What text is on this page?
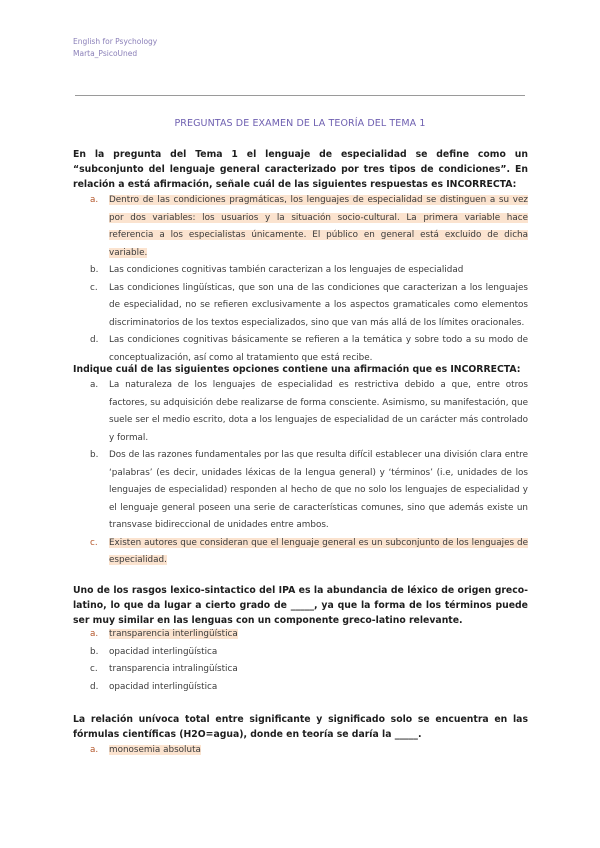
English for Psychology
Marta_PsicoUned
PREGUNTAS DE EXAMEN DE LA TEORÍA DEL TEMA 1
En la pregunta del Tema 1 el lenguaje de especialidad se define como un “subconjunto del lenguaje general caracterizado por tres tipos de condiciones”. En relación a está afirmación, señale cuál de las siguientes respuestas es INCORRECTA:
a. Dentro de las condiciones pragmáticas, los lenguajes de especialidad se distinguen a su vez por dos variables: los usuarios y la situación socio-cultural. La primera variable hace referencia a los especialistas únicamente. El público en general está excluido de dicha variable.
b. Las condiciones cognitivas también caracterizan a los lenguajes de especialidad
c. Las condiciones lingüísticas, que son una de las condiciones que caracterizan a los lenguajes de especialidad, no se refieren exclusivamente a los aspectos gramaticales como elementos discriminatorios de los textos especializados, sino que van más allá de los límites oracionales.
d. Las condiciones cognitivas básicamente se refieren a la temática y sobre todo a su modo de conceptualización, así como al tratamiento que está recibe.
Indique cuál de las siguientes opciones contiene una afirmación que es INCORRECTA:
a. La naturaleza de los lenguajes de especialidad es restrictiva debido a que, entre otros factores, su adquisición debe realizarse de forma consciente. Asimismo, su manifestación, que suele ser el medio escrito, dota a los lenguajes de especialidad de un carácter más controlado y formal.
b. Dos de las razones fundamentales por las que resulta difícil establecer una división clara entre ‘palabras’ (es decir, unidades léxicas de la lengua general) y ‘términos’ (i.e, unidades de los lenguajes de especialidad) responden al hecho de que no solo los lenguajes de especialidad y el lenguaje general poseen una serie de características comunes, sino que además existe un transvase bidireccional de unidades entre ambos.
c. Existen autores que consideran que el lenguaje general es un subconjunto de los lenguajes de especialidad.
Uno de los rasgos lexico-sintactico del IPA es la abundancia de léxico de origen greco-latino, lo que da lugar a cierto grado de _____, ya que la forma de los términos puede ser muy similar en las lenguas con un componente greco-latino relevante.
a. transparencia interlingüística
b. opacidad interlingüística
c. transparencia intralingüística
d. opacidad interlingüística
La relación unívoca total entre significante y significado solo se encuentra en las fórmulas científicas (H2O=agua), donde en teoría se daría la _____.
a. monosemia absoluta
